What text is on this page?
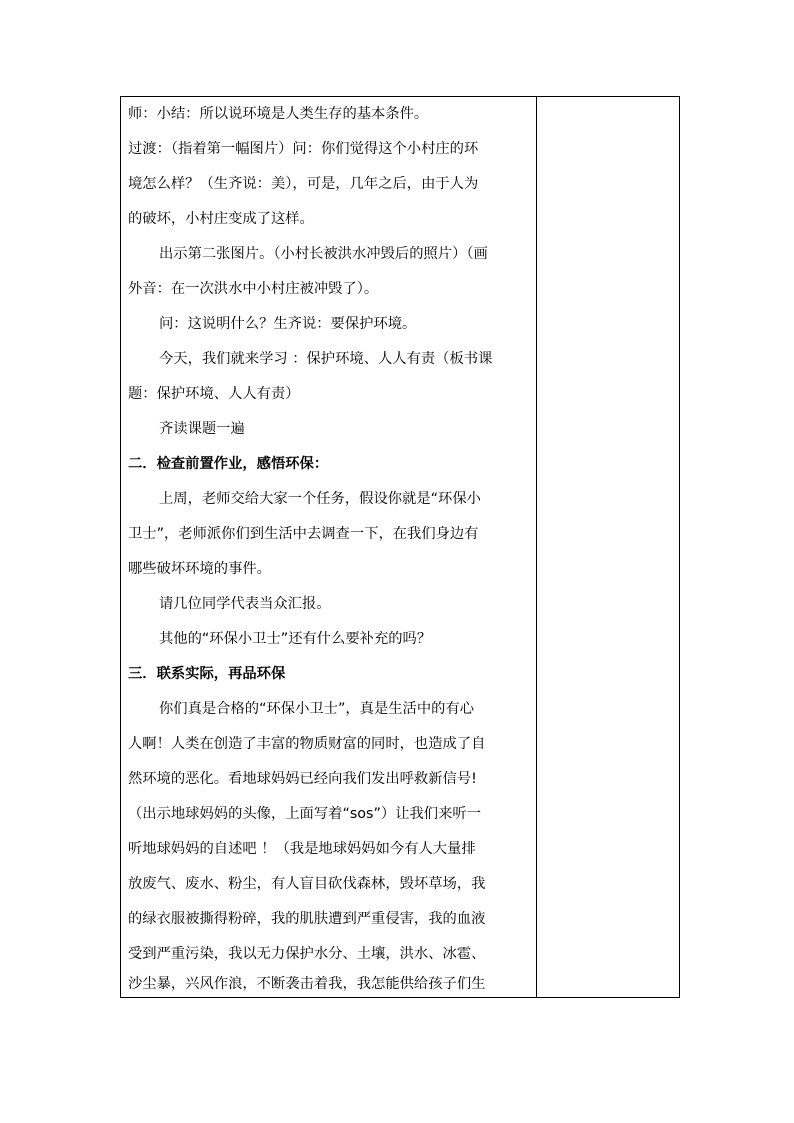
师：小结：所以说环境是人类生存的基本条件。
过渡：（指着第一幅图片）问：你们觉得这个小村庄的环
境怎么样？（生齐说：美），可是，几年之后，由于人为
的破坏，小村庄变成了这样。
出示第二张图片。（小村长被洪水冲毁后的照片）（画
外音：在一次洪水中小村庄被冲毁了）。
问：这说明什么？生齐说：要保护环境。
今天，我们就来学习 ：保护环境、人人有责（板书课
题：保护环境、人人有责）
齐读课题一遍
二．检查前置作业，感悟环保：
上周，老师交给大家一个任务，假设你就是“环保小
卫士”，老师派你们到生活中去调查一下，在我们身边有
哪些破坏环境的事件。
请几位同学代表当众汇报。
其他的“环保小卫士”还有什么要补充的吗？
三．联系实际，再品环保
你们真是合格的“环保小卫士”，真是生活中的有心
人啊！人类在创造了丰富的物质财富的同时，也造成了自
然环境的恶化。看地球妈妈已经向我们发出呼救新信号!
（出示地球妈妈的头像，上面写着“sos”）让我们来听一
听地球妈妈的自述吧 ！（我是地球妈妈如今有人大量排
放废气、废水、粉尘，有人盲目砍伐森林，毁坏草场，我
的绿衣服被撕得粉碎，我的肌肤遭到严重侵害，我的血液
受到严重污染，我以无力保护水分、土壤，洪水、冰雹、
沙尘暴，兴风作浪，不断袭击着我，我怎能供给孩子们生
